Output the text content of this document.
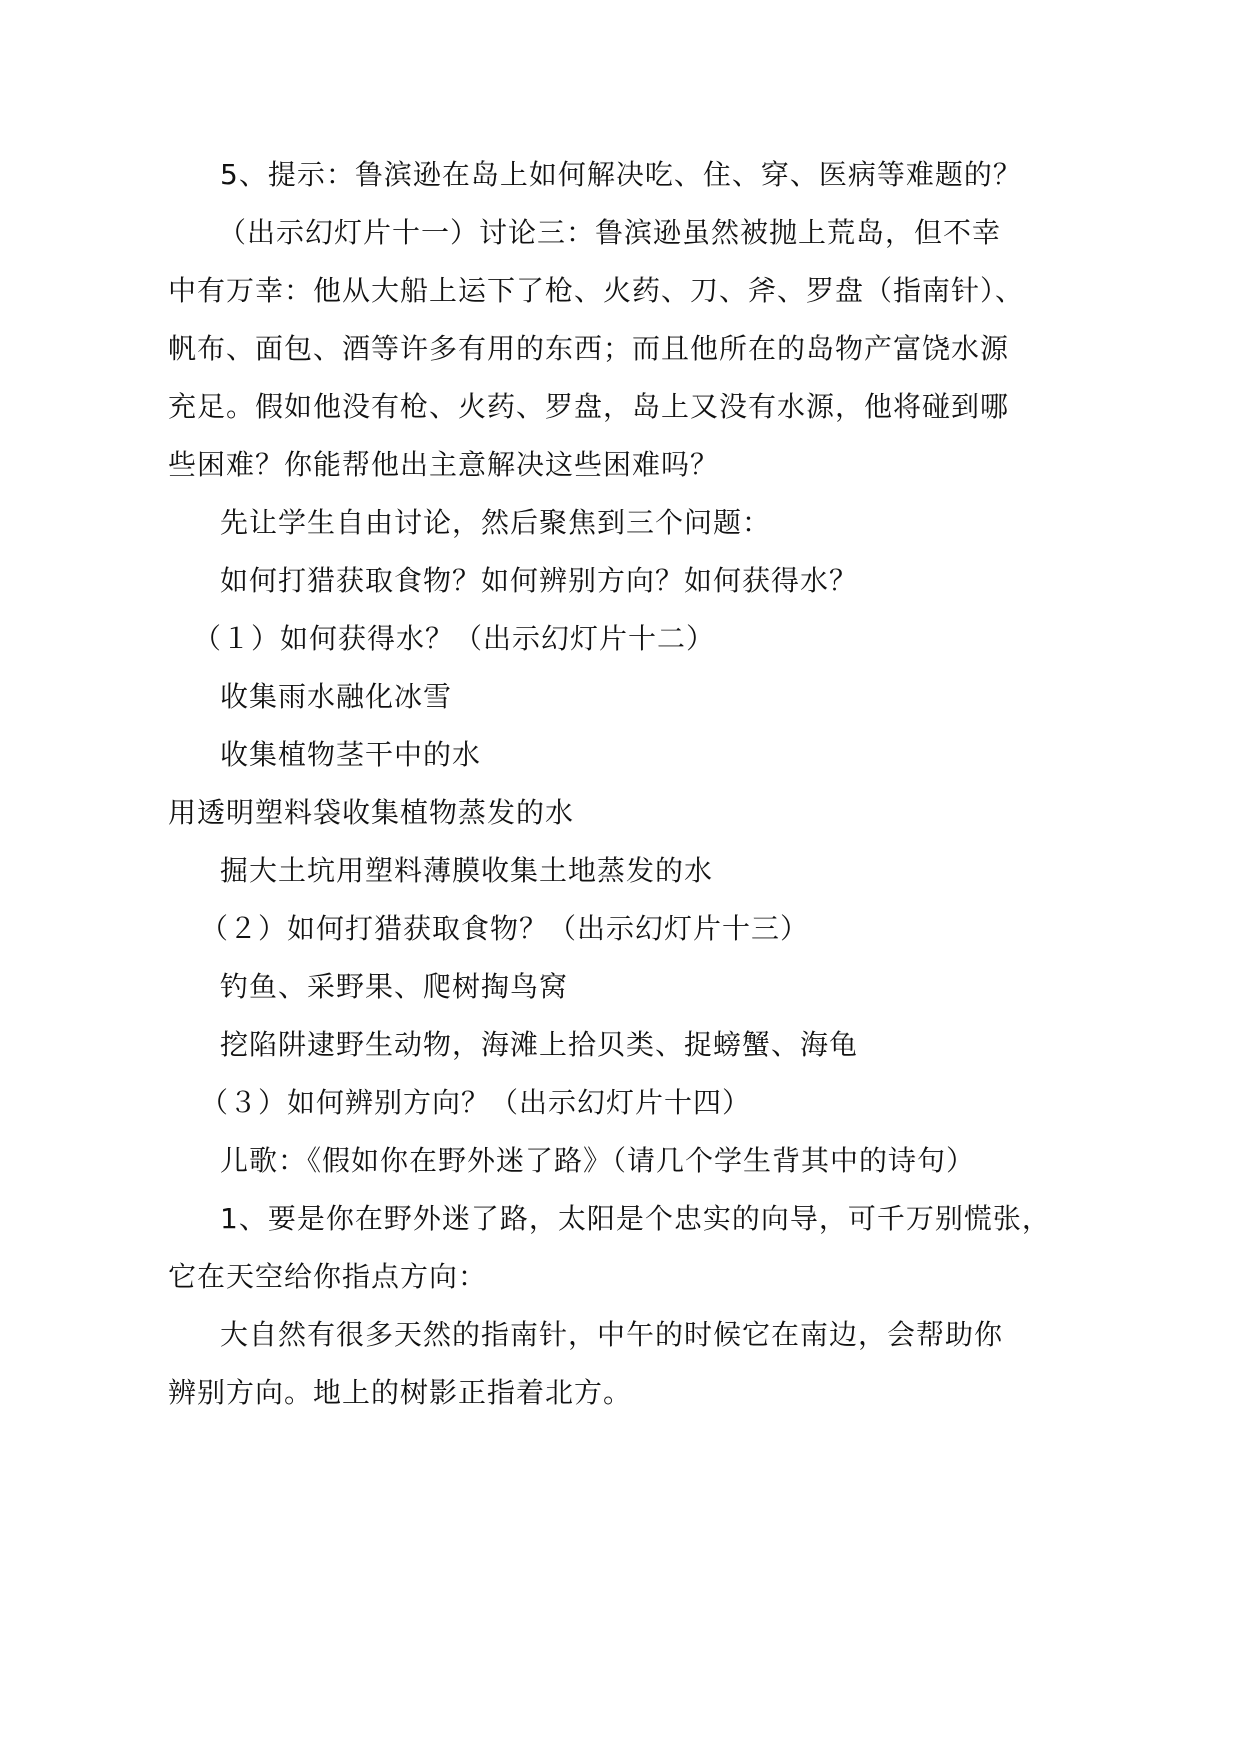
5、提示：鲁滨逊在岛上如何解决吃、住、穿、医病等难题的？
（出示幻灯片十一）讨论三：鲁滨逊虽然被抛上荒岛，但不幸
中有万幸：他从大船上运下了枪、火药、刀、斧、罗盘（指南针）、
帆布、面包、酒等许多有用的东西；而且他所在的岛物产富饶水源
充足。假如他没有枪、火药、罗盘，岛上又没有水源，他将碰到哪
些困难？你能帮他出主意解决这些困难吗？
先让学生自由讨论，然后聚焦到三个问题：
如何打猎获取食物？如何辨别方向？如何获得水？
（１）如何获得水？（出示幻灯片十二）
收集雨水融化冰雪
收集植物茎干中的水
用透明塑料袋收集植物蒸发的水
掘大土坑用塑料薄膜收集土地蒸发的水
（２）如何打猎获取食物？（出示幻灯片十三）
钓鱼、采野果、爬树掏鸟窝
挖陷阱逮野生动物，海滩上拾贝类、捉螃蟹、海龟
（３）如何辨别方向？（出示幻灯片十四）
儿歌：《假如你在野外迷了路》（请几个学生背其中的诗句）
1、要是你在野外迷了路，太阳是个忠实的向导，可千万别慌张，
它在天空给你指点方向：
大自然有很多天然的指南针，中午的时候它在南边，会帮助你
辨别方向。地上的树影正指着北方。
